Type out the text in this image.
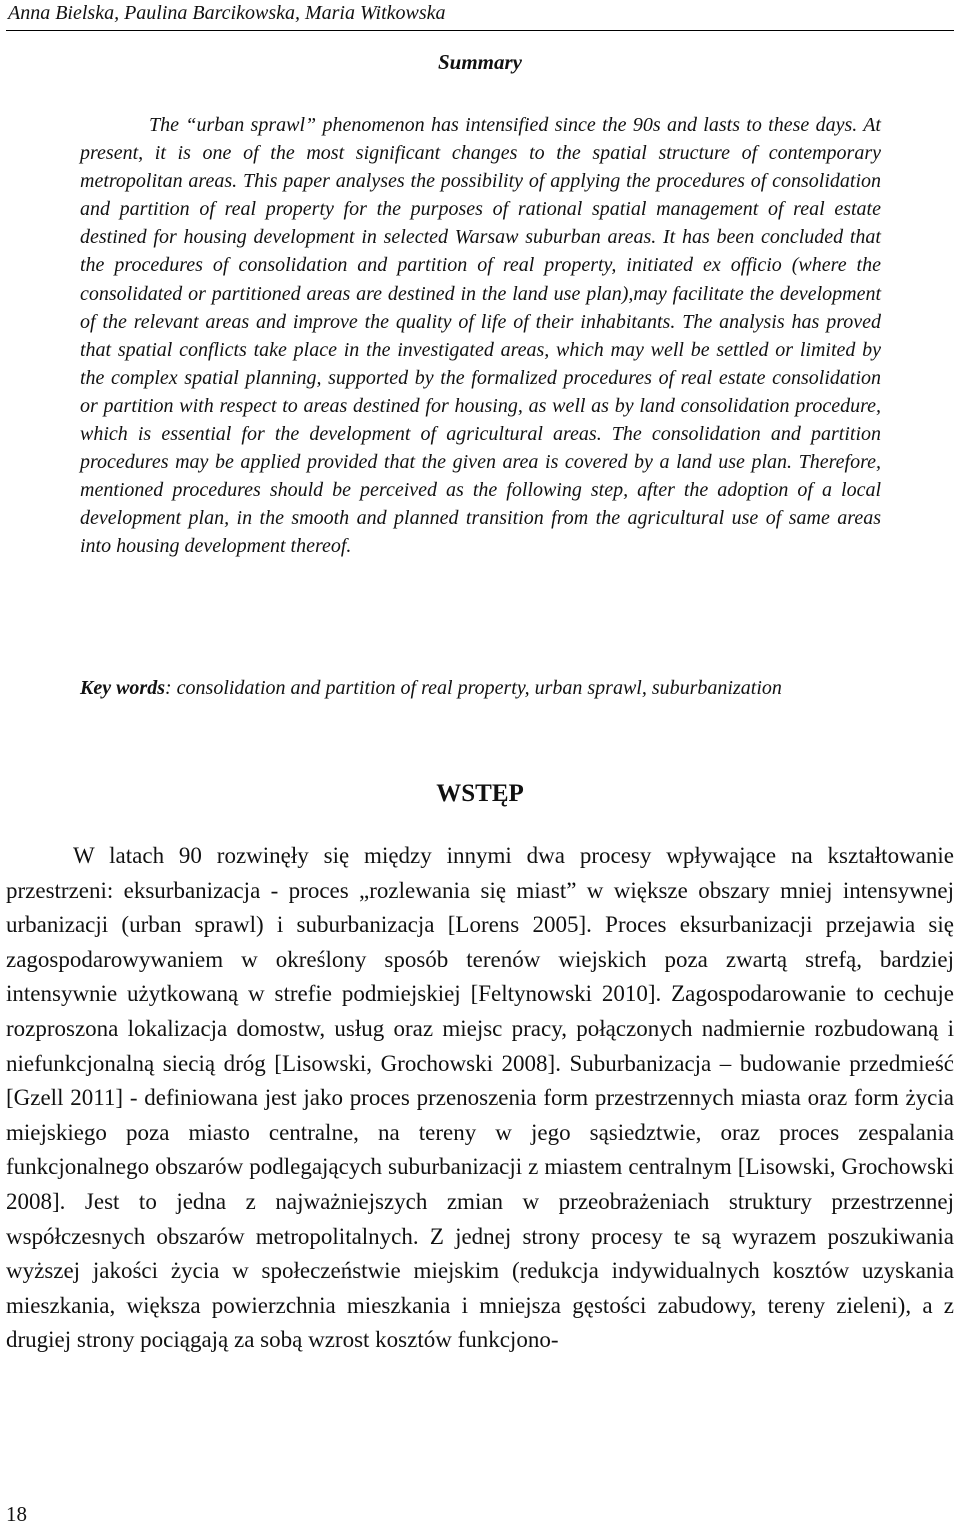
Anna Bielska, Paulina Barcikowska, Maria Witkowska
Summary

The “urban sprawl” phenomenon has intensified since the 90s and lasts to these days. At present, it is one of the most significant changes to the spatial structure of contemporary metropolitan areas. This paper analyses the possibility of applying the procedures of consolidation and partition of real property for the purposes of rational spatial management of real estate destined for housing development in selected Warsaw suburban areas. It has been concluded that the procedures of consolidation and partition of real property, initiated ex officio (where the consolidated or partitioned areas are destined in the land use plan),may facilitate the development of the relevant areas and improve the quality of life of their inhabitants. The analysis has proved that spatial conflicts take place in the investigated areas, which may well be settled or limited by the complex spatial planning, supported by the formalized procedures of real estate consolidation or partition with respect to areas destined for housing, as well as by land consolidation procedure, which is essential for the development of agricultural areas. The consolidation and partition procedures may be applied provided that the given area is covered by a land use plan. Therefore, mentioned procedures should be perceived as the following step, after the adoption of a local development plan, in the smooth and planned transition from the agricultural use of same areas into housing development thereof.

Key words: consolidation and partition of real property, urban sprawl, suburbanization

WSTĘP

W latach 90 rozwinęły się między innymi dwa procesy wpływające na kształtowanie przestrzeni: eksurbanizacja - proces „rozlewania się miast” w większe obszary mniej intensywnej urbanizacji (urban sprawl) i suburbanizacja [Lorens 2005]. Proces eksurbanizacji przejawia się zagospodarowywaniem w określony sposób terenów wiejskich poza zwartą strefą, bardziej intensywnie użytkowaną w strefie podmiejskiej [Feltynowski 2010]. Zagospodarowanie to cechuje rozproszona lokalizacja domostw, usług oraz miejsc pracy, połączonych nadmiernie rozbudowaną i niefunkcjonalną siecią dróg [Lisowski, Grochowski 2008]. Suburbanizacja – budowanie przedmieść [Gzell 2011] - definiowana jest jako proces przenoszenia form przestrzennych miasta oraz form życia miejskiego poza miasto centralne, na tereny w jego sąsiedztwie, oraz proces zespalania funkcjonalnego obszarów podlegających suburbanizacji z miastem centralnym [Lisowski, Grochowski 2008]. Jest to jedna z najważniejszych zmian w przeobrażeniach struktury przestrzennej współczesnych obszarów metropolitalnych. Z jednej strony procesy te są wyrazem poszukiwania wyższej jakości życia w społeczeństwie miejskim (redukcja indywidualnych kosztów uzyskania mieszkania, większa powierzchnia mieszkania i mniejsza gęstości zabudowy, tereny zieleni), a z drugiej strony pociągają za sobą wzrost kosztów funkcjono-

18
